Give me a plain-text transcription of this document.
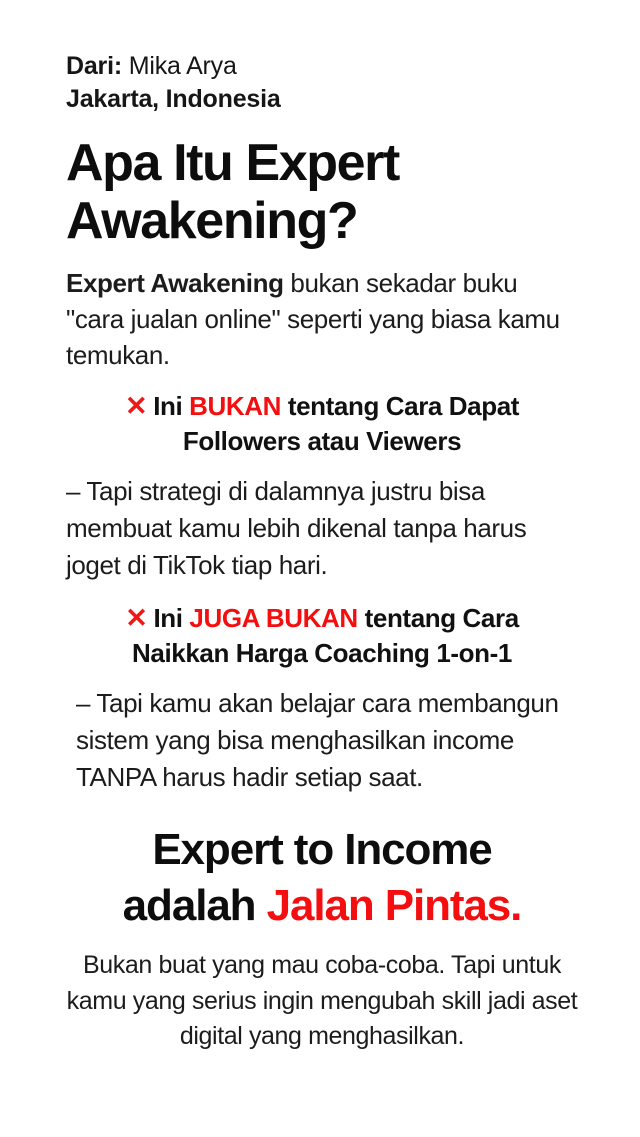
Dari: Mika Arya
Jakarta, Indonesia
Apa Itu Expert Awakening?

Expert Awakening bukan sekadar buku "cara jualan online" seperti yang biasa kamu temukan.

✕ Ini BUKAN tentang Cara Dapat Followers atau Viewers

– Tapi strategi di dalamnya justru bisa membuat kamu lebih dikenal tanpa harus joget di TikTok tiap hari.

✕ Ini JUGA BUKAN tentang Cara Naikkan Harga Coaching 1-on-1

– Tapi kamu akan belajar cara membangun sistem yang bisa menghasilkan income TANPA harus hadir setiap saat.

Expert to Income
adalah Jalan Pintas.

Bukan buat yang mau coba-coba. Tapi untuk kamu yang serius ingin mengubah skill jadi aset digital yang menghasilkan.
